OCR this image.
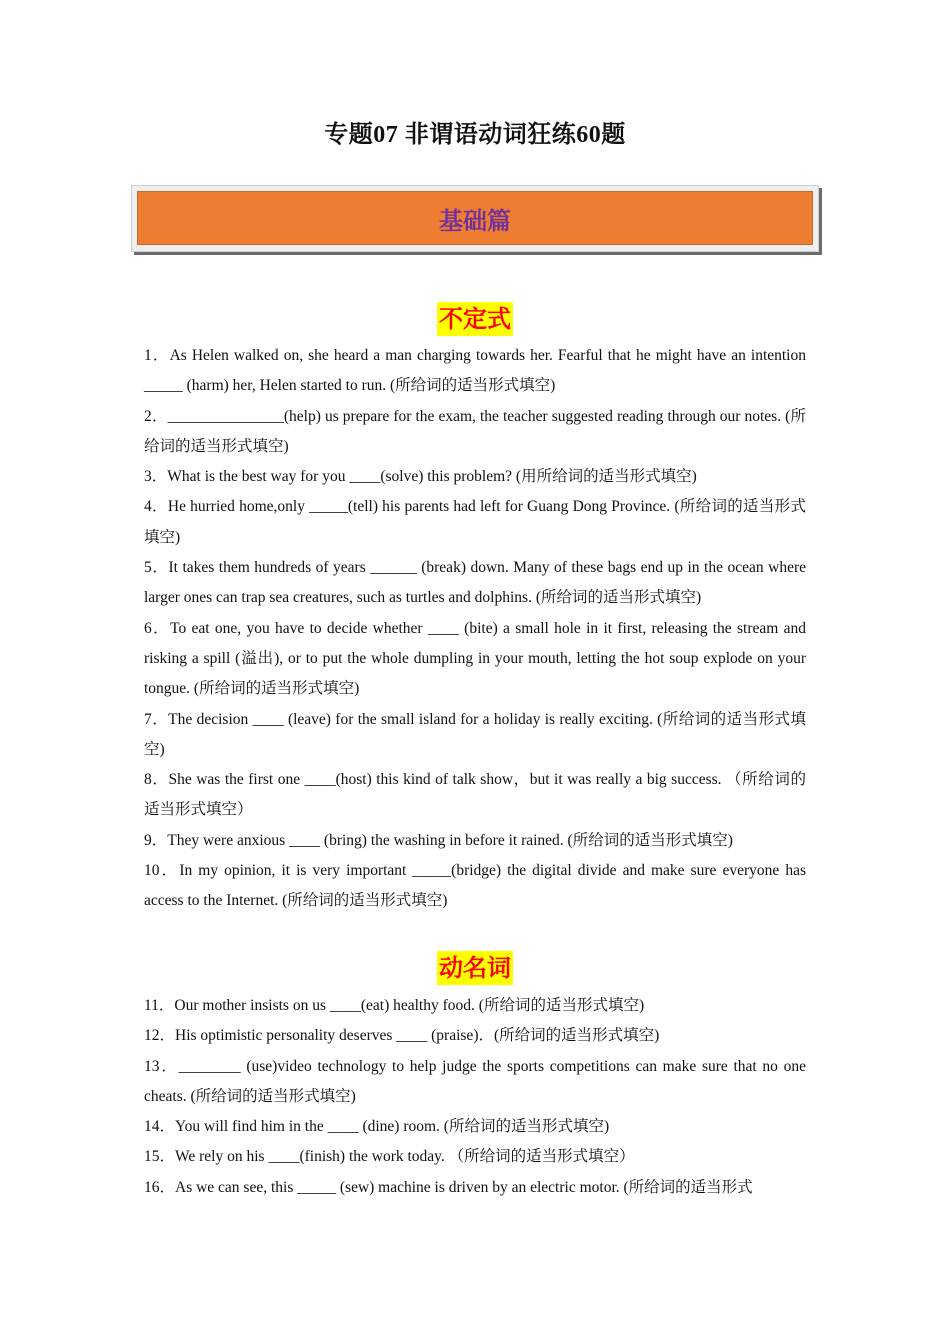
专题07 非谓语动词狂练60题
基础篇
不定式

1．As Helen walked on, she heard a man charging towards her. Fearful that he might have an intention _____ (harm) her, Helen started to run. (所给词的适当形式填空)

2．_______________(help) us prepare for the exam, the teacher suggested reading through our notes. (所给词的适当形式填空)

3．What is the best way for you ____(solve) this problem? (用所给词的适当形式填空)

4．He hurried home,only _____(tell) his parents had left for Guang Dong Province. (所给词的适当形式填空)

5．It takes them hundreds of years ______ (break) down. Many of these bags end up in the ocean where larger ones can trap sea creatures, such as turtles and dolphins. (所给词的适当形式填空)

6．To eat one, you have to decide whether ____ (bite) a small hole in it first, releasing the stream and risking a spill (溢出), or to put the whole dumpling in your mouth, letting the hot soup explode on your tongue. (所给词的适当形式填空)

7．The decision ____ (leave) for the small island for a holiday is really exciting. (所给词的适当形式填空)

8．She was the first one ____(host) this kind of talk show，but it was really a big success. （所给词的适当形式填空）

9．They were anxious ____ (bring) the washing in before it rained. (所给词的适当形式填空)

10．In my opinion, it is very important _____(bridge) the digital divide and make sure everyone has access to the Internet. (所给词的适当形式填空)

动名词

11．Our mother insists on us ____(eat) healthy food. (所给词的适当形式填空)

12．His optimistic personality deserves ____ (praise)．(所给词的适当形式填空)

13．________ (use)video technology to help judge the sports competitions can make sure that no one cheats. (所给词的适当形式填空)

14．You will find him in the ____ (dine) room. (所给词的适当形式填空)

15．We rely on his ____(finish) the work today. （所给词的适当形式填空）

16．As we can see, this _____ (sew) machine is driven by an electric motor. (所给词的适当形式
